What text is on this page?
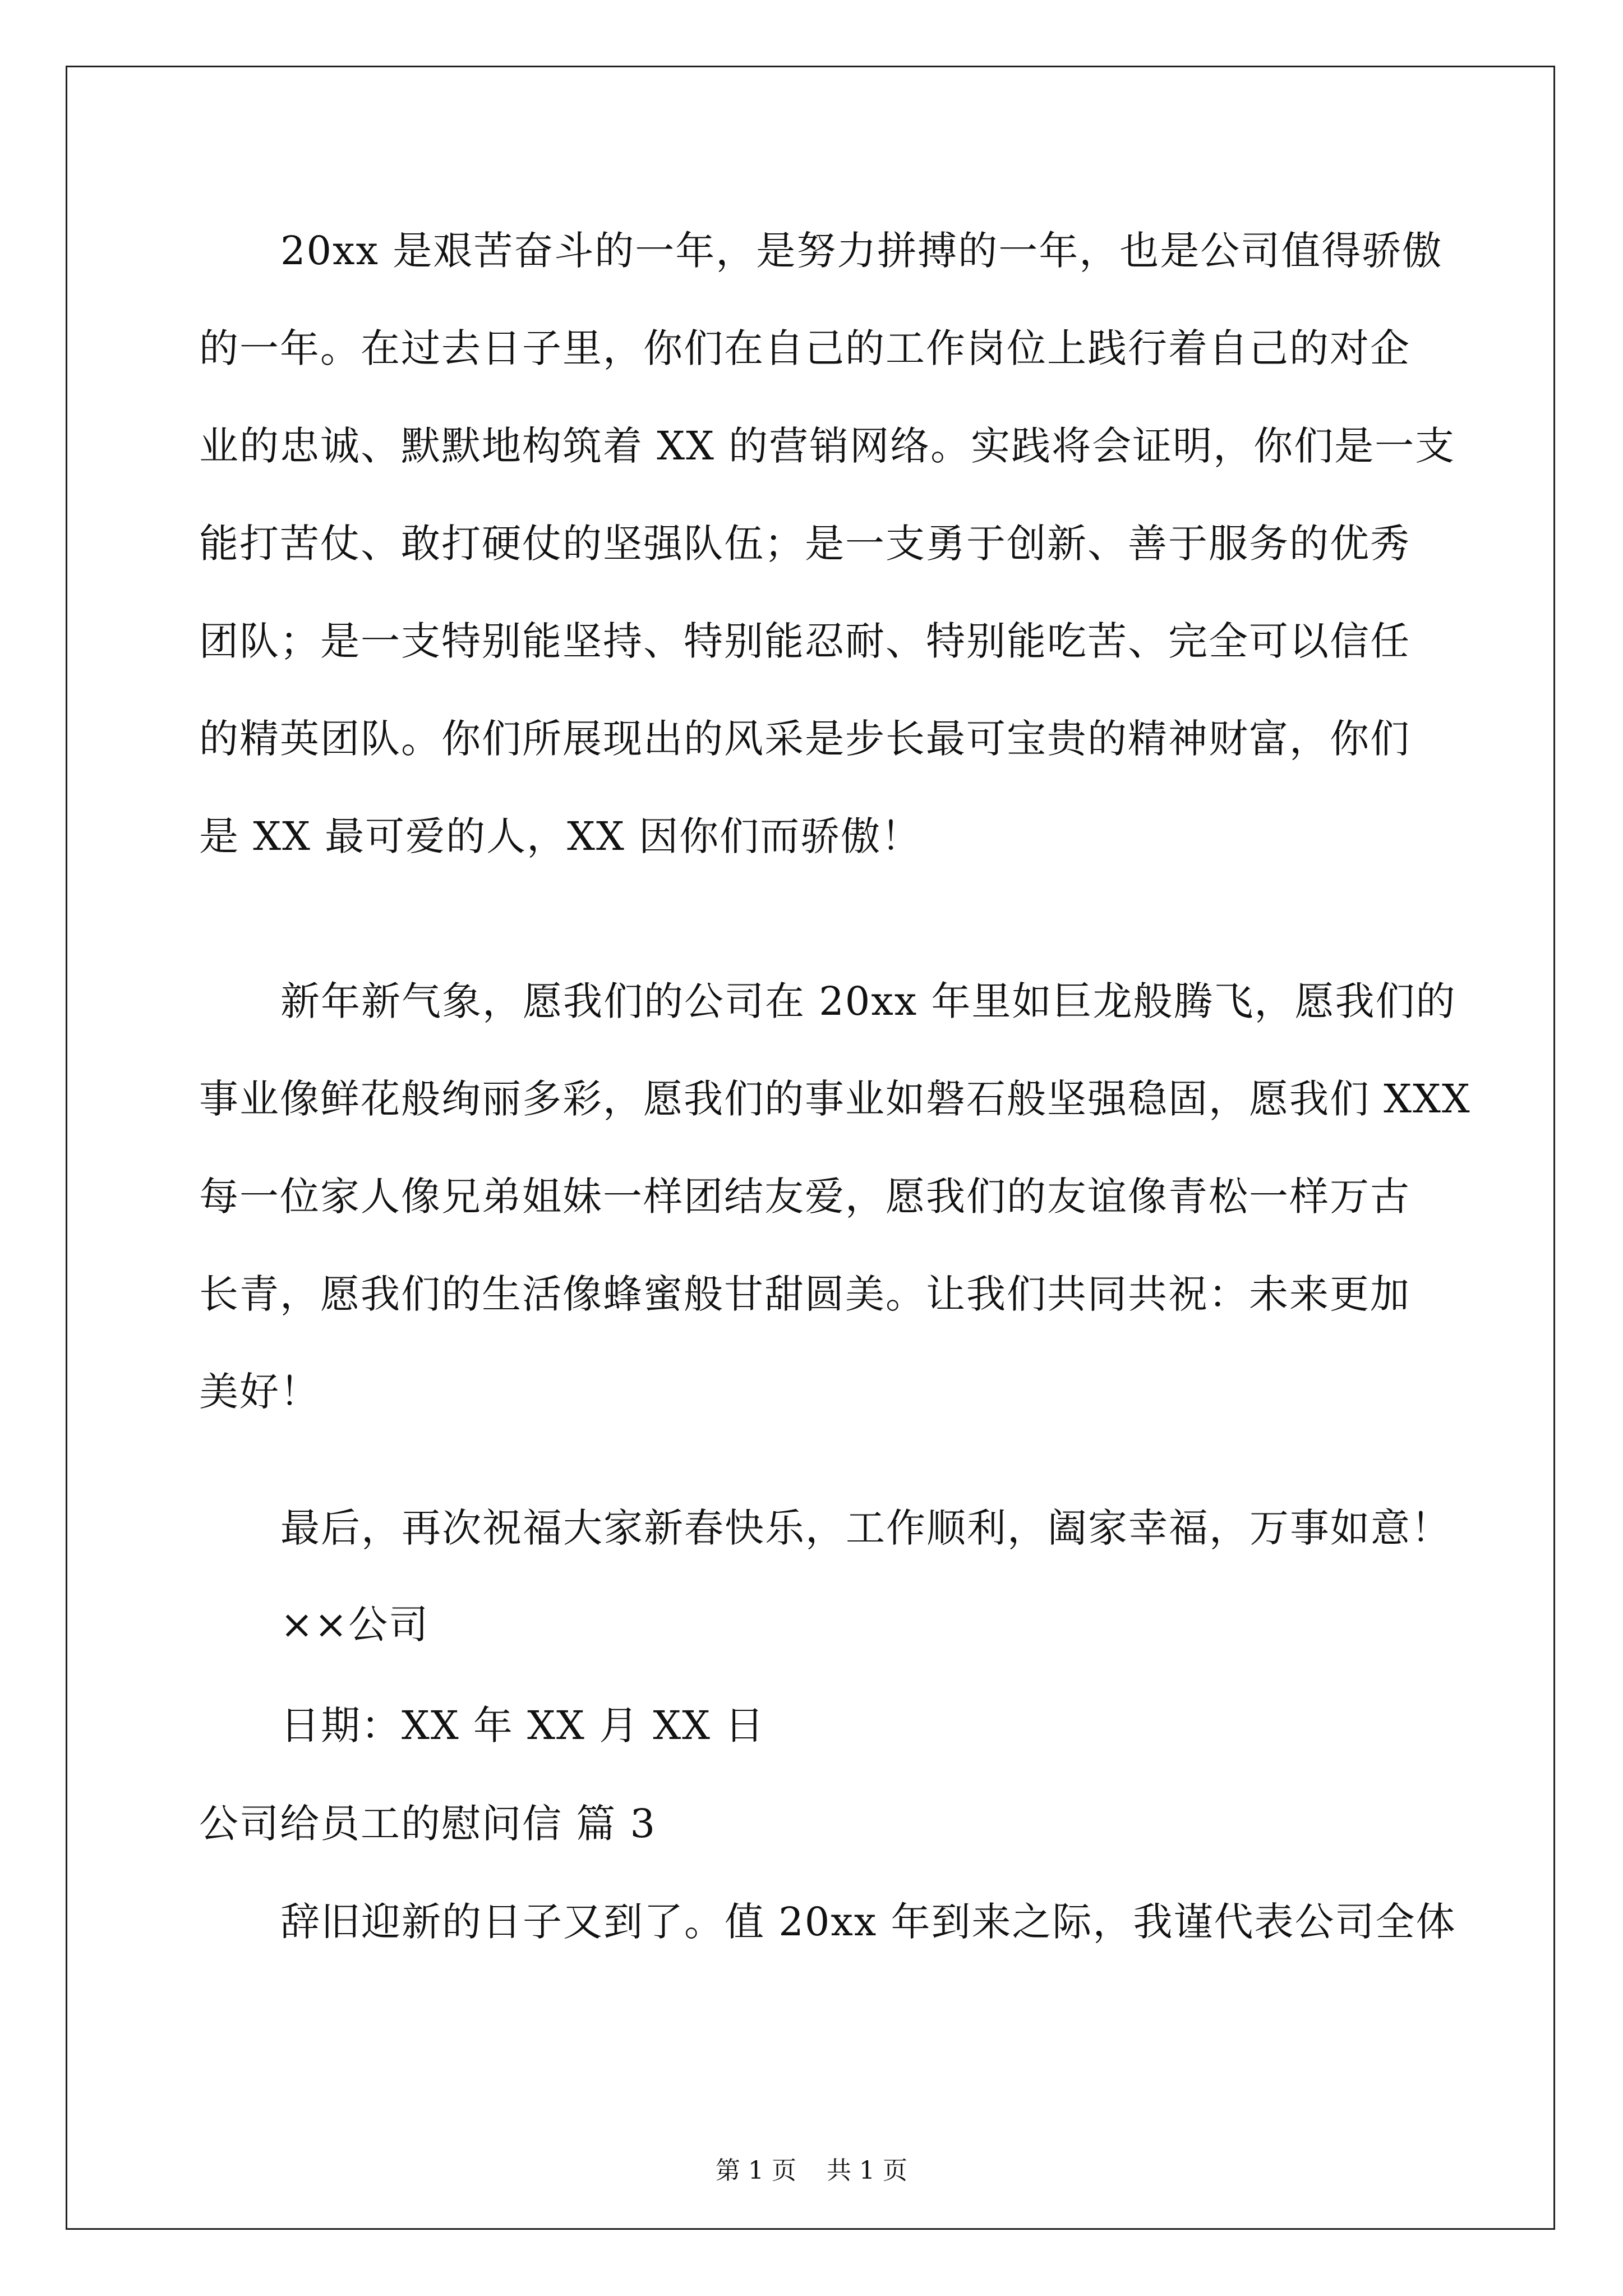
20xx 是艰苦奋斗的一年，是努力拼搏的一年，也是公司值得骄傲
的一年。在过去日子里，你们在自己的工作岗位上践行着自己的对企
业的忠诚、默默地构筑着 XX 的营销网络。实践将会证明，你们是一支
能打苦仗、敢打硬仗的坚强队伍；是一支勇于创新、善于服务的优秀
团队；是一支特别能坚持、特别能忍耐、特别能吃苦、完全可以信任
的精英团队。你们所展现出的风采是步长最可宝贵的精神财富，你们
是 XX 最可爱的人，XX 因你们而骄傲！
新年新气象，愿我们的公司在 20xx 年里如巨龙般腾飞，愿我们的
事业像鲜花般绚丽多彩，愿我们的事业如磐石般坚强稳固，愿我们 XXX
每一位家人像兄弟姐妹一样团结友爱，愿我们的友谊像青松一样万古
长青，愿我们的生活像蜂蜜般甘甜圆美。让我们共同共祝：未来更加
美好！
最后，再次祝福大家新春快乐，工作顺利，阖家幸福，万事如意！
××公司
日期：XX 年 XX 月 XX 日
公司给员工的慰问信 篇 3
辞旧迎新的日子又到了。值 20xx 年到来之际，我谨代表公司全体
第 1 页 共 1 页
